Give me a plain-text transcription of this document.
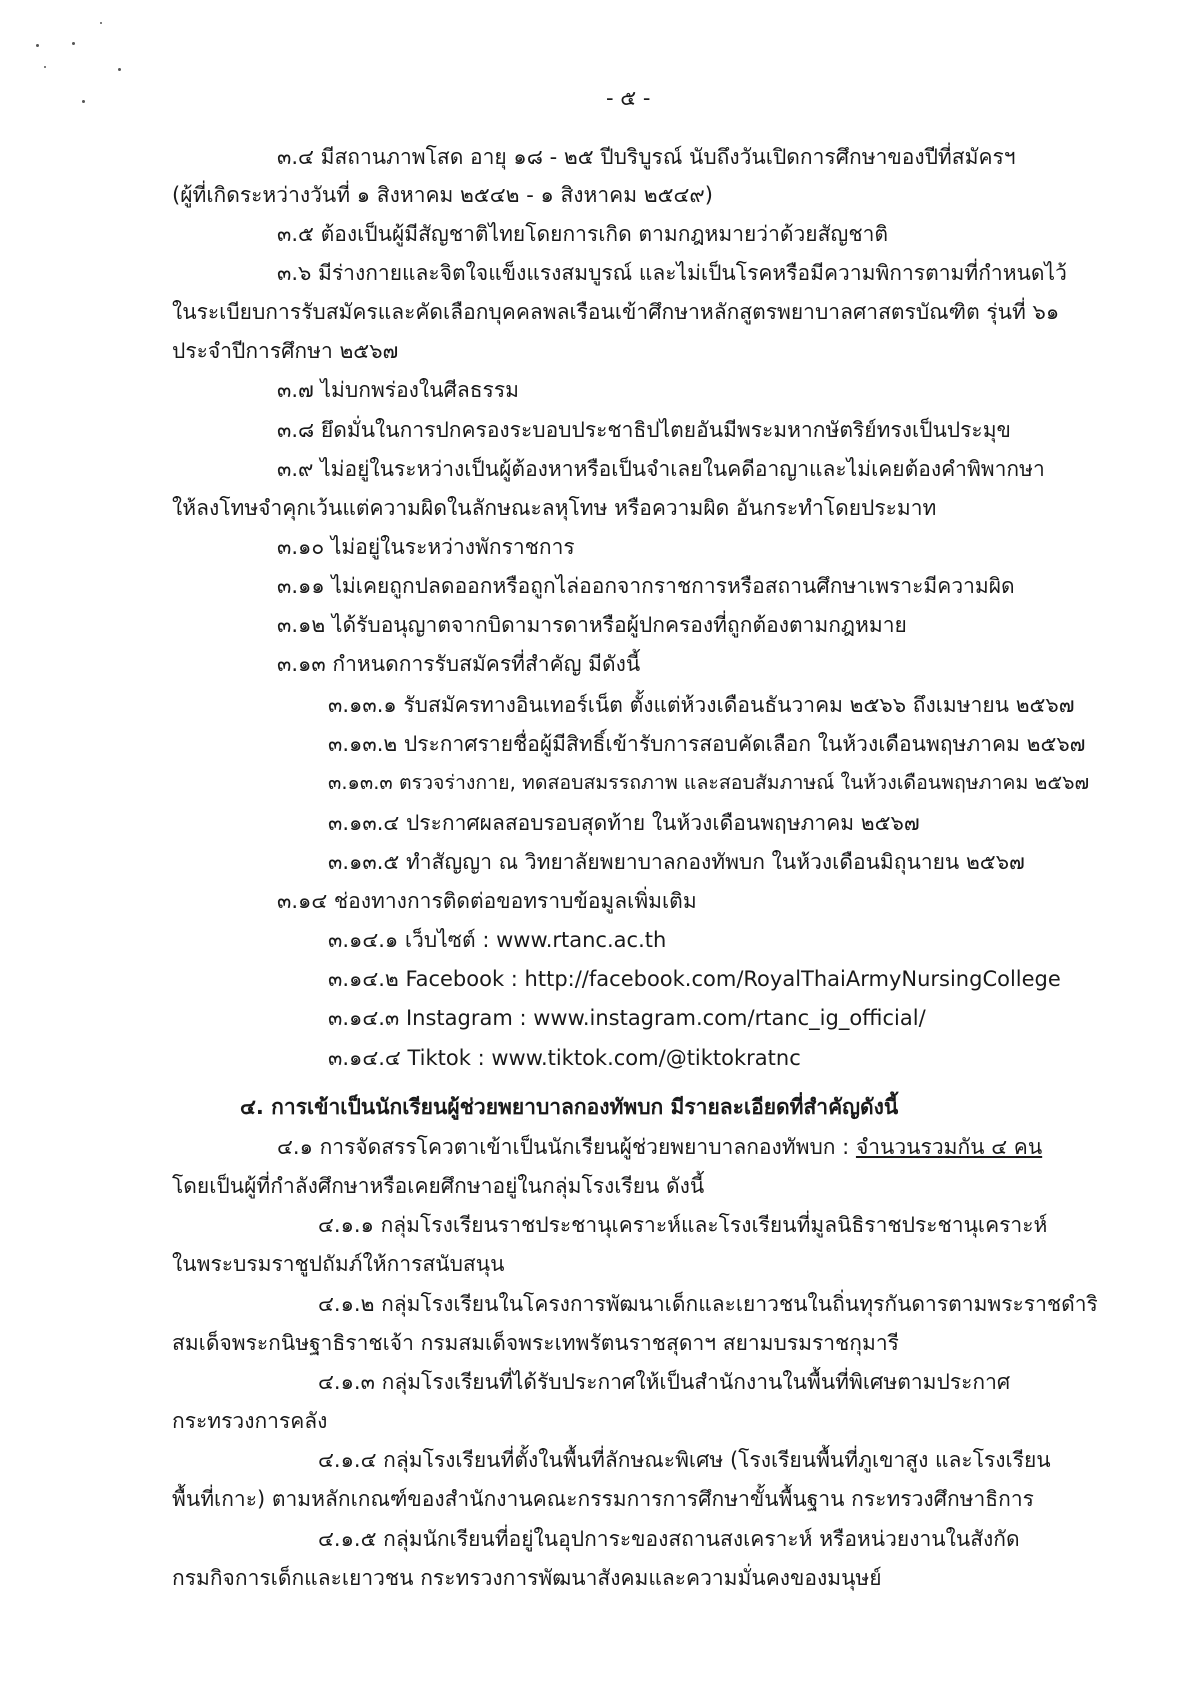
- ๕ -
๓.๔ มีสถานภาพโสด อายุ ๑๘ - ๒๕ ปีบริบูรณ์ นับถึงวันเปิดการศึกษาของปีที่สมัครฯ
(ผู้ที่เกิดระหว่างวันที่ ๑ สิงหาคม ๒๕๔๒ - ๑ สิงหาคม ๒๕๔๙)
๓.๕ ต้องเป็นผู้มีสัญชาติไทยโดยการเกิด ตามกฎหมายว่าด้วยสัญชาติ
๓.๖ มีร่างกายและจิตใจแข็งแรงสมบูรณ์ และไม่เป็นโรคหรือมีความพิการตามที่กำหนดไว้
ในระเบียบการรับสมัครและคัดเลือกบุคคลพลเรือนเข้าศึกษาหลักสูตรพยาบาลศาสตรบัณฑิต รุ่นที่ ๖๑
ประจำปีการศึกษา ๒๕๖๗
๓.๗ ไม่บกพร่องในศีลธรรม
๓.๘ ยึดมั่นในการปกครองระบอบประชาธิปไตยอันมีพระมหากษัตริย์ทรงเป็นประมุข
๓.๙ ไม่อยู่ในระหว่างเป็นผู้ต้องหาหรือเป็นจำเลยในคดีอาญาและไม่เคยต้องคำพิพากษา
ให้ลงโทษจำคุกเว้นแต่ความผิดในลักษณะลหุโทษ หรือความผิด อันกระทำโดยประมาท
๓.๑๐ ไม่อยู่ในระหว่างพักราชการ
๓.๑๑ ไม่เคยถูกปลดออกหรือถูกไล่ออกจากราชการหรือสถานศึกษาเพราะมีความผิด
๓.๑๒ ได้รับอนุญาตจากบิดามารดาหรือผู้ปกครองที่ถูกต้องตามกฎหมาย
๓.๑๓ กำหนดการรับสมัครที่สำคัญ มีดังนี้
๓.๑๓.๑ รับสมัครทางอินเทอร์เน็ต ตั้งแต่ห้วงเดือนธันวาคม ๒๕๖๖ ถึงเมษายน ๒๕๖๗
๓.๑๓.๒ ประกาศรายชื่อผู้มีสิทธิ์เข้ารับการสอบคัดเลือก ในห้วงเดือนพฤษภาคม ๒๕๖๗
๓.๑๓.๓ ตรวจร่างกาย, ทดสอบสมรรถภาพ และสอบสัมภาษณ์ ในห้วงเดือนพฤษภาคม ๒๕๖๗
๓.๑๓.๔ ประกาศผลสอบรอบสุดท้าย ในห้วงเดือนพฤษภาคม ๒๕๖๗
๓.๑๓.๕ ทำสัญญา ณ วิทยาลัยพยาบาลกองทัพบก ในห้วงเดือนมิถุนายน ๒๕๖๗
๓.๑๔ ช่องทางการติดต่อขอทราบข้อมูลเพิ่มเติม
๓.๑๔.๑ เว็บไซต์ : www.rtanc.ac.th
๓.๑๔.๒ Facebook : http://facebook.com/RoyalThaiArmyNursingCollege
๓.๑๔.๓ Instagram : www.instagram.com/rtanc_ig_official/
๓.๑๔.๔ Tiktok : www.tiktok.com/@tiktokratnc
๔. การเข้าเป็นนักเรียนผู้ช่วยพยาบาลกองทัพบก มีรายละเอียดที่สำคัญดังนี้
๔.๑ การจัดสรรโควตาเข้าเป็นนักเรียนผู้ช่วยพยาบาลกองทัพบก : จำนวนรวมกัน ๔ คน
โดยเป็นผู้ที่กำลังศึกษาหรือเคยศึกษาอยู่ในกลุ่มโรงเรียน ดังนี้
๔.๑.๑ กลุ่มโรงเรียนราชประชานุเคราะห์และโรงเรียนที่มูลนิธิราชประชานุเคราะห์
ในพระบรมราชูปถัมภ์ให้การสนับสนุน
๔.๑.๒ กลุ่มโรงเรียนในโครงการพัฒนาเด็กและเยาวชนในถิ่นทุรกันดารตามพระราชดำริ
สมเด็จพระกนิษฐาธิราชเจ้า กรมสมเด็จพระเทพรัตนราชสุดาฯ สยามบรมราชกุมารี
๔.๑.๓ กลุ่มโรงเรียนที่ได้รับประกาศให้เป็นสำนักงานในพื้นที่พิเศษตามประกาศ
กระทรวงการคลัง
๔.๑.๔ กลุ่มโรงเรียนที่ตั้งในพื้นที่ลักษณะพิเศษ (โรงเรียนพื้นที่ภูเขาสูง และโรงเรียน
พื้นที่เกาะ) ตามหลักเกณฑ์ของสำนักงานคณะกรรมการการศึกษาขั้นพื้นฐาน กระทรวงศึกษาธิการ
๔.๑.๕ กลุ่มนักเรียนที่อยู่ในอุปการะของสถานสงเคราะห์ หรือหน่วยงานในสังกัด
กรมกิจการเด็กและเยาวชน กระทรวงการพัฒนาสังคมและความมั่นคงของมนุษย์
